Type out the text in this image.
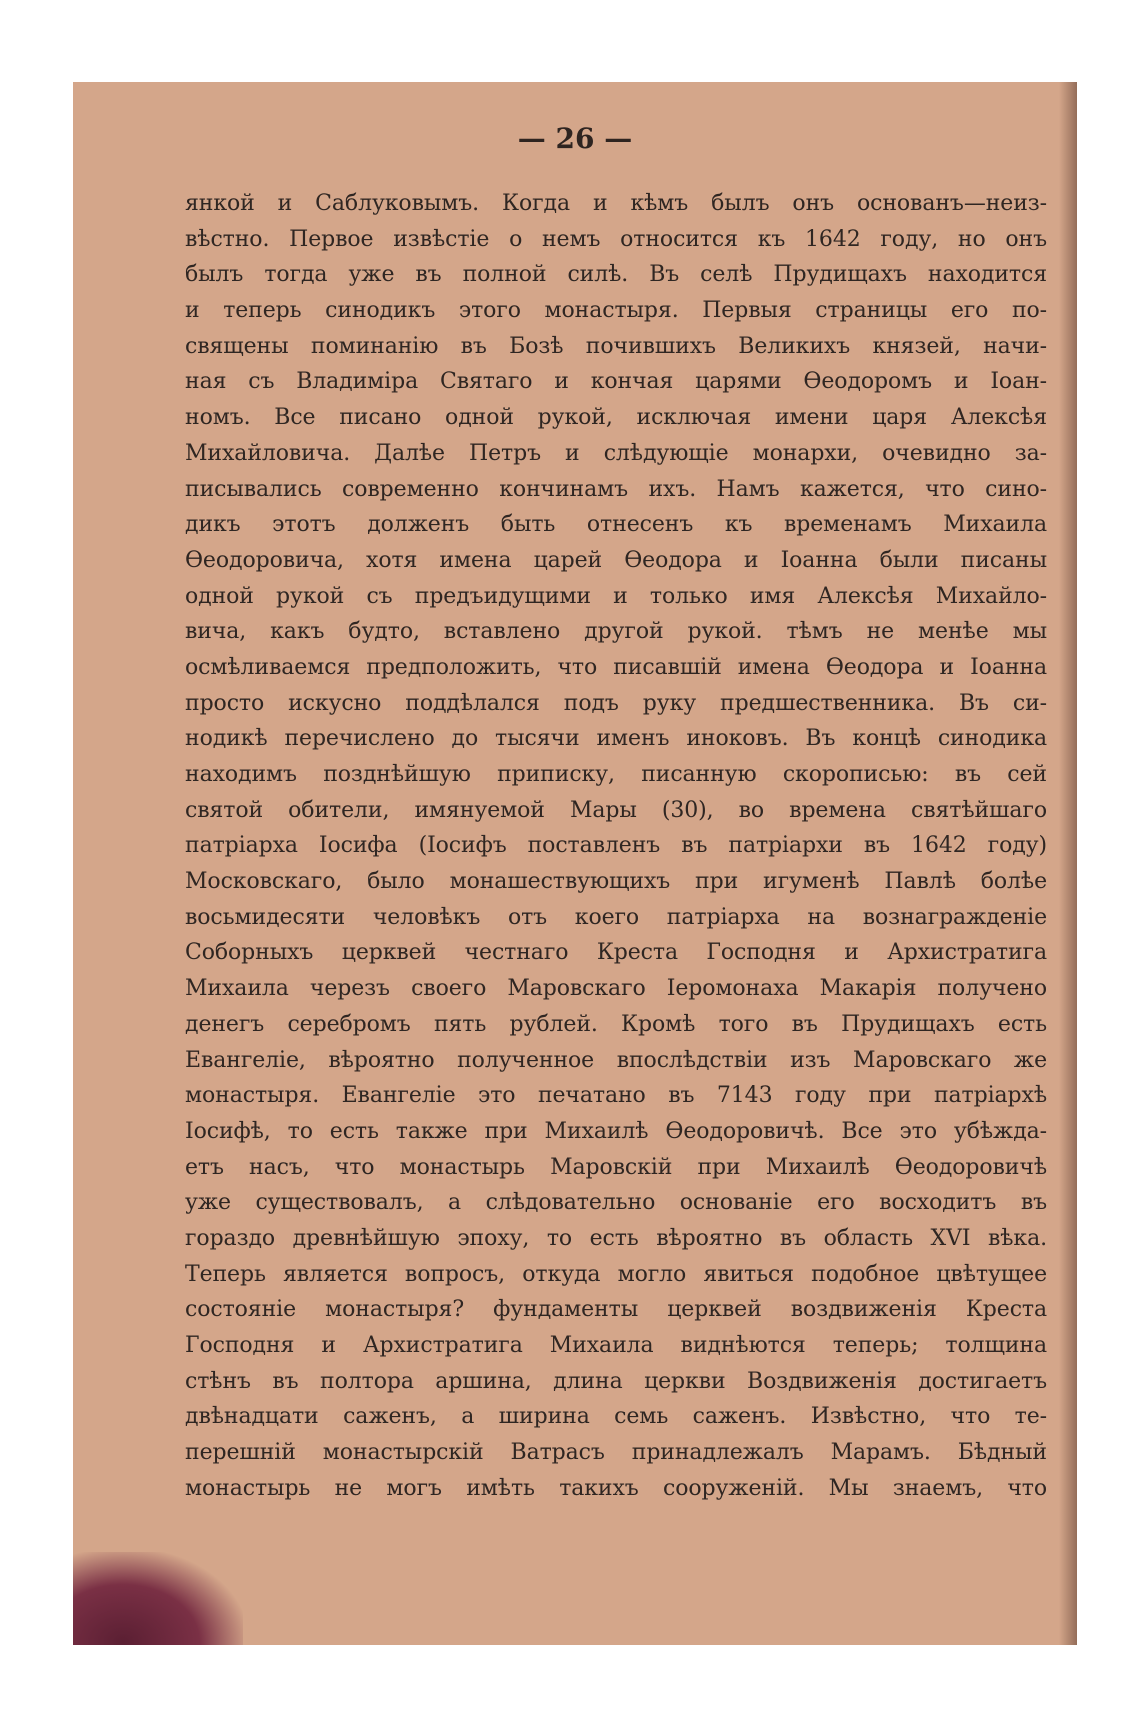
— 26 —
янкой и Саблуковымъ. Когда и кѣмъ былъ онъ основанъ—неиз-
вѣстно. Первое извѣстіе о немъ относится къ 1642 году, но онъ
былъ тогда уже въ полной силѣ. Въ селѣ Прудищахъ находится
и теперь синодикъ этого монастыря. Первыя страницы его по-
священы поминанію въ Бозѣ почившихъ Великихъ князей, начи-
ная съ Владиміра Святаго и кончая царями Ѳеодоромъ и Іоан-
номъ. Все писано одной рукой, исключая имени царя Алексѣя
Михайловича. Далѣе Петръ и слѣдующіе монархи, очевидно за-
писывались современно кончинамъ ихъ. Намъ кажется, что сино-
дикъ этотъ долженъ быть отнесенъ къ временамъ Михаила
Ѳеодоровича, хотя имена царей Ѳеодора и Іоанна были писаны
одной рукой съ предъидущими и только имя Алексѣя Михайло-
вича, какъ будто, вставлено другой рукой. тѣмъ не менѣе мы
осмѣливаемся предположить, что писавшій имена Ѳеодора и Іоанна
просто искусно поддѣлался подъ руку предшественника. Въ си-
нодикѣ перечислено до тысячи именъ иноковъ. Въ концѣ синодика
находимъ позднѣйшую приписку, писанную скорописью: въ сей
святой обители, имянуемой Мары (30), во времена святѣйшаго
патріарха Іосифа (Іосифъ поставленъ въ патріархи въ 1642 году)
Московскаго, было монашествующихъ при игуменѣ Павлѣ болѣе
восьмидесяти человѣкъ отъ коего патріарха на вознагражденіе
Соборныхъ церквей честнаго Креста Господня и Архистратига
Михаила черезъ своего Маровскаго Іеромонаха Макарія получено
денегъ серебромъ пять рублей. Кромѣ того въ Прудищахъ есть
Евангеліе, вѣроятно полученное впослѣдствіи изъ Маровскаго же
монастыря. Евангеліе это печатано въ 7143 году при патріархѣ
Іосифѣ, то есть также при Михаилѣ Ѳеодоровичѣ. Все это убѣжда-
етъ насъ, что монастырь Маровскій при Михаилѣ Ѳеодоровичѣ
уже существовалъ, а слѣдовательно основаніе его восходитъ въ
гораздо древнѣйшую эпоху, то есть вѣроятно въ область XVI вѣка.
Теперь является вопросъ, откуда могло явиться подобное цвѣтущее
состояніе монастыря? фундаменты церквей воздвиженія Креста
Господня и Архистратига Михаила виднѣются теперь; толщина
стѣнъ въ полтора аршина, длина церкви Воздвиженія достигаетъ
двѣнадцати саженъ, а ширина семь саженъ. Извѣстно, что те-
перешній монастырскій Ватрасъ принадлежалъ Марамъ. Бѣдный
монастырь не могъ имѣть такихъ сооруженій. Мы знаемъ, что
